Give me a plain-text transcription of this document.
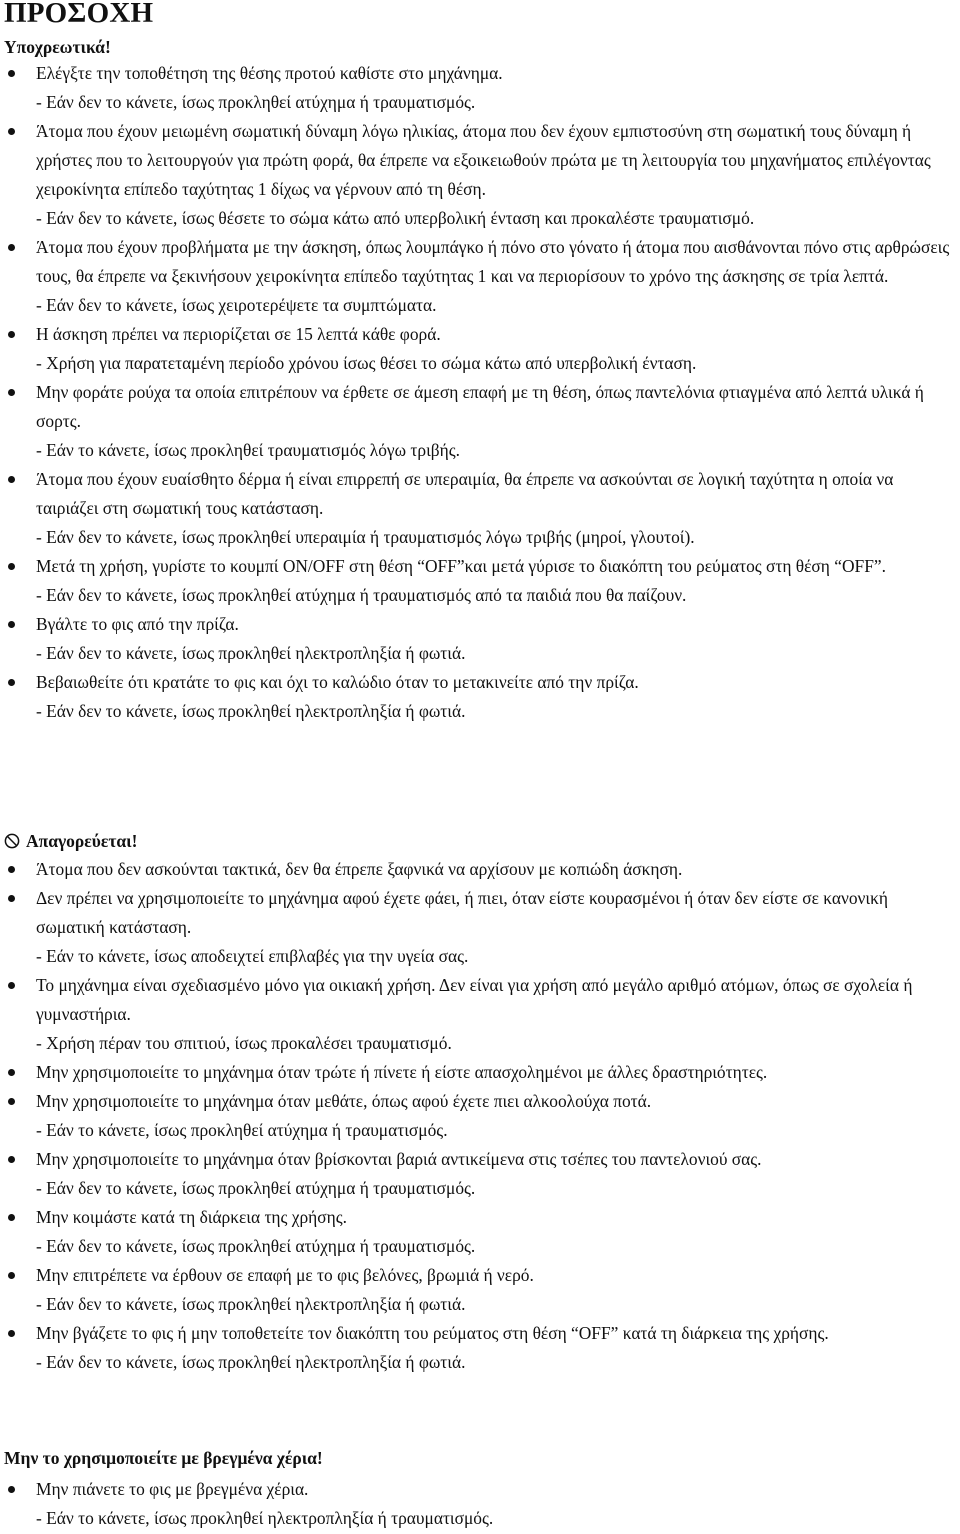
ΠΡΟΣΟΧΗ
Υποχρεωτικά!
Ελέγξτε την τοποθέτηση της θέσης προτού καθίστε στο μηχάνημα.
- Εάν δεν το κάνετε, ίσως προκληθεί ατύχημα ή τραυματισμός.
Άτομα που έχουν μειωμένη σωματική δύναμη λόγω ηλικίας, άτομα που δεν έχουν εμπιστοσύνη στη σωματική τους δύναμη ή χρήστες που το λειτουργούν για πρώτη φορά, θα έπρεπε να εξοικειωθούν πρώτα με τη λειτουργία του μηχανήματος επιλέγοντας χειροκίνητα επίπεδο ταχύτητας 1 δίχως να γέρνουν από τη θέση.
- Εάν δεν το κάνετε, ίσως θέσετε το σώμα κάτω από υπερβολική ένταση και προκαλέστε τραυματισμό.
Άτομα που έχουν προβλήματα με την άσκηση, όπως λουμπάγκο ή πόνο στο γόνατο ή άτομα που αισθάνονται πόνο στις αρθρώσεις τους, θα έπρεπε να ξεκινήσουν χειροκίνητα επίπεδο ταχύτητας 1 και να περιορίσουν το χρόνο της άσκησης σε τρία λεπτά.
- Εάν δεν το κάνετε, ίσως χειροτερέψετε τα συμπτώματα.
Η άσκηση πρέπει να περιορίζεται σε 15 λεπτά κάθε φορά.
- Χρήση για παρατεταμένη περίοδο χρόνου ίσως θέσει το σώμα κάτω από υπερβολική ένταση.
Μην φοράτε ρούχα τα οποία επιτρέπουν να έρθετε σε άμεση επαφή με τη θέση, όπως παντελόνια φτιαγμένα από λεπτά υλικά ή σορτς.
- Εάν το κάνετε, ίσως προκληθεί τραυματισμός λόγω τριβής.
Άτομα που έχουν ευαίσθητο δέρμα ή είναι επιρρεπή σε υπεραιμία, θα έπρεπε να ασκούνται σε λογική ταχύτητα η οποία να ταιριάζει στη σωματική τους κατάσταση.
- Εάν δεν το κάνετε, ίσως προκληθεί υπεραιμία ή τραυματισμός λόγω τριβής (μηροί, γλουτοί).
Μετά τη χρήση, γυρίστε το κουμπί ON/OFF στη θέση “OFF”και μετά γύρισε το διακόπτη του ρεύματος στη θέση “OFF”.
- Εάν δεν το κάνετε, ίσως προκληθεί ατύχημα ή τραυματισμός από τα παιδιά που θα παίζουν.
Βγάλτε το φις από την πρίζα.
- Εάν δεν το κάνετε, ίσως προκληθεί ηλεκτροπληξία ή φωτιά.
Βεβαιωθείτε ότι κρατάτε το φις και όχι το καλώδιο όταν το μετακινείτε από την πρίζα.
- Εάν δεν το κάνετε, ίσως προκληθεί ηλεκτροπληξία ή φωτιά.
Απαγορεύεται!
Άτομα που δεν ασκούνται τακτικά, δεν θα έπρεπε ξαφνικά να αρχίσουν με κοπιώδη άσκηση.
Δεν πρέπει να χρησιμοποιείτε το μηχάνημα αφού έχετε φάει, ή πιει, όταν είστε κουρασμένοι ή όταν δεν είστε σε κανονική σωματική κατάσταση.
- Εάν το κάνετε, ίσως αποδειχτεί επιβλαβές για την υγεία σας.
Το μηχάνημα είναι σχεδιασμένο μόνο για οικιακή χρήση. Δεν είναι για χρήση από μεγάλο αριθμό ατόμων, όπως σε σχολεία ή γυμναστήρια.
- Χρήση πέραν του σπιτιού, ίσως προκαλέσει τραυματισμό.
Μην χρησιμοποιείτε το μηχάνημα όταν τρώτε ή πίνετε ή είστε απασχολημένοι με άλλες δραστηριότητες.
Μην χρησιμοποιείτε το μηχάνημα όταν μεθάτε, όπως αφού έχετε πιει αλκοολούχα ποτά.
- Εάν το κάνετε, ίσως προκληθεί ατύχημα ή τραυματισμός.
Μην χρησιμοποιείτε το μηχάνημα όταν βρίσκονται βαριά αντικείμενα στις τσέπες του παντελονιού σας.
- Εάν δεν το κάνετε, ίσως προκληθεί ατύχημα ή τραυματισμός.
Μην κοιμάστε κατά τη διάρκεια της χρήσης.
- Εάν δεν το κάνετε, ίσως προκληθεί ατύχημα ή τραυματισμός.
Μην επιτρέπετε να έρθουν σε επαφή με το φις βελόνες, βρωμιά ή νερό.
- Εάν δεν το κάνετε, ίσως προκληθεί ηλεκτροπληξία ή φωτιά.
Μην βγάζετε το φις ή μην τοποθετείτε τον διακόπτη του ρεύματος στη θέση “OFF” κατά τη διάρκεια της χρήσης.
- Εάν δεν το κάνετε, ίσως προκληθεί ηλεκτροπληξία ή φωτιά.
Μην το χρησιμοποιείτε με βρεγμένα χέρια!
Μην πιάνετε το φις με βρεγμένα χέρια.
- Εάν το κάνετε, ίσως προκληθεί ηλεκτροπληξία ή τραυματισμός.
